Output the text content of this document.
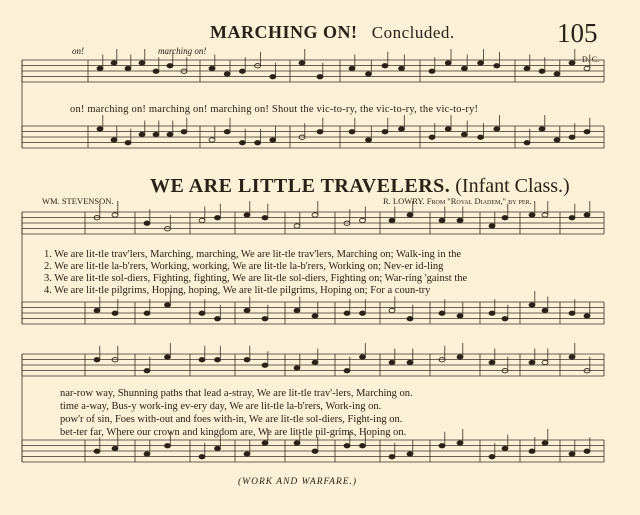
MARCHING ON! Concluded.	105
on!	marching on!
D. C.
on! marching on! marching on! marching on! Shout the vic-to-ry, the vic-to-ry, the vic-to-ry!
WE ARE LITTLE TRAVELERS. (Infant Class.)
WM. STEVENSON.	R. LOWRY. From "Royal Diadem," by per.
1. We are lit-tle trav'lers, Marching, marching, We are lit-tle trav'lers, Marching on; Walk-ing in the
2. We are lit-tle la-b'rers, Working, working, We are lit-tle la-b'rers, Working on; Nev-er id-ling
3. We are lit-tle sol-diers, Fighting, fighting, We are lit-tle sol-diers, Fighting on; War-ring 'gainst the
4. We are lit-tle pilgrims, Hoping, hoping, We are lit-tle pilgrims, Hoping on; For a coun-try
nar-row way, Shunning paths that lead a-stray, We are lit-tle trav'-lers, Marching on.
time a-way, Bus-y work-ing ev-ery day, We are lit-tle la-b'rers, Work-ing on.
pow'r of sin, Foes with-out and foes with-in, We are lit-tle sol-diers, Fight-ing on.
bet-ter far, Where our crown and kingdom are, We are lit-tle pil-grims, Hoping on.
(WORK AND WARFARE.)
